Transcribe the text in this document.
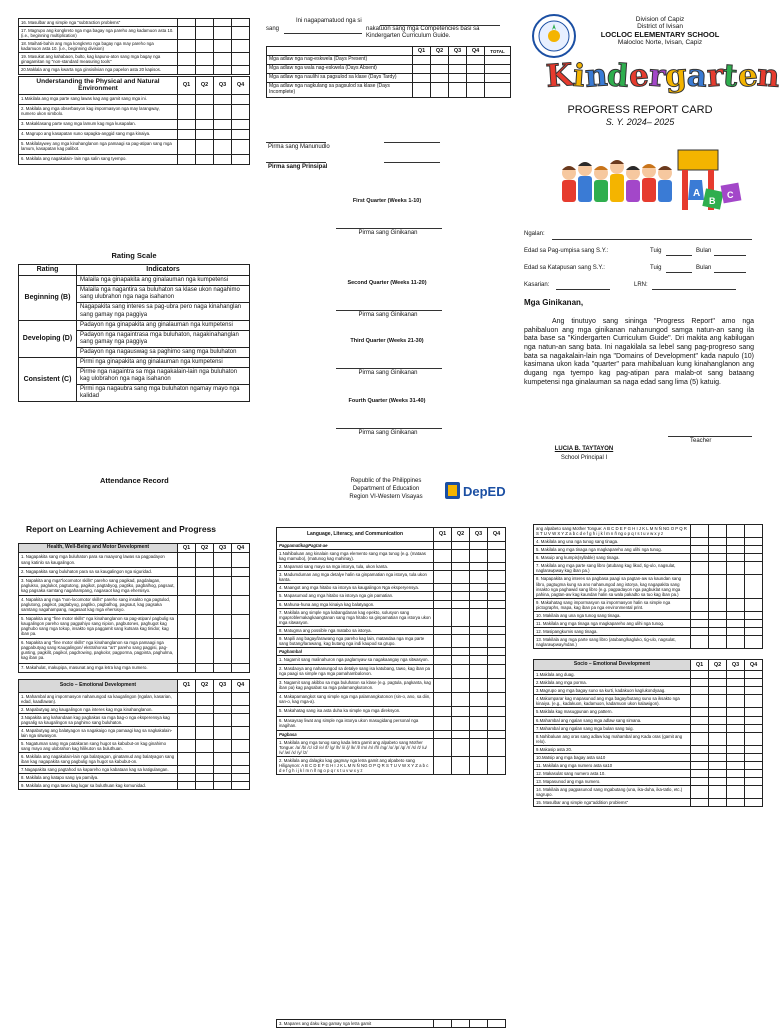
16. Masulbar ang simple nga "subtraction problems"				
17. Magrupo ang kongkreto nga mga bagay nga pareho ang kadamuon asta 10. (i.e., beginning multiplication)				
18. Maihati-bahin ang mga kongkreto nga bagay nga may pareho nga kadamuon asta 10. (i.e., beginning division)				
19. Masukat ang kahabaon, bulto, kag kapuno-aton sang mga bagay nga ginagamitan ng "non-standard measuring tools"				
20.Maklala ang mga kwarta nga ginsisilvian nga papelon asta 20 kapisos.				
Understanding the Physical and Natural Environment	Q1	Q2	Q3	Q4
1.Makilala ang mga parte sang lawas kag ang gamit sang mga ini.				
2. Makilala ang mga obserbasyon kag impormasyon nga may larangway, numero ukon simbolo.				
3. Makaklasang parte sang mga lamum kag mga kusapalan.				
4. Magrupo ang kasapatan suno sapagka-anggid sang mga kinaiya.				
5. Makilalaywey ang mga kinahanglanon nga pamaagi sa pag-atipan sang mga lamum, kasapatan kag palibot.				
6. Makilala ang nagakalain- lain nga salin sang tyempo.				
Rating Scale
Rating	Indicators
Beginning (B)	Malaila nga ginapakita ang ginalauman nga kumpetensi
	Malaila nga nagantira sa buluhaton sa klase ukon nagahimo sang ulubrahon nga naga isahanon
	Nagapakita sang interes sa pag-ubra pero naga kinahanglan sang gamay nga paggiya
Developing (D)	Padayon nga ginapakita ang ginalauman nga kumpetensi
	Padayon nga nagaintrasa mga buluhaton, nagakinahanglan sang gamay nga paggiya
	Padayon nga nagauswag sa paghimo sang mga buluhaton
Consistent (C)	Pirmi nga ginapakita ang ginalauman nga kumpetensi
	Pirme nga nagaintra sa mga nagakalain-lain nga buluhaton kag ulobrahon nga naga isahanon
	Pirmi nga nagaubra sang mga buluhaton ngamay mayo nga kalidad
Attendance Record
Ini nagapamatuod nga si
sang	nakatuon sang mga Competencies basi sa Kindergarten Curriculum Guide.
	Q1	Q2	Q3	Q4	TOTAL
Mga adlaw nga nag-eskwela (Days Present)					
Mga adlaw nga wala nag-eskwela (Days Absent)					
Mga adlaw nga naulihi sa pagsulod sa klase (Days Tardy)					
Mga adlaw nga nagkulang sa pagsulod sa klase (Days Incomplete)					
Pirma sang Manunudlo
Pirma sang Prinsipal
First Quarter (Weeks 1-10)
Pirma sang Ginikanan
Second Quarter (Weeks 11-20)
Pirma sang Ginikanan
Third Quarter (Weeks 21-30)
Pirma sang Ginikanan
Fourth Quarter (Weeks 31-40)
Pirma sang Ginikanan
Republic of the Philippines
Department of Education
Region VI-Western Visayas	DepED
Division of Capiz
District of Ivisan
LOCLOC ELEMENTARY SCHOOL
Malocloc Norte, Ivisan, Capiz
Kindergarten
PROGRESS REPORT CARD
S. Y. 2024– 2025
A
B
C
Ngalan:
Edad sa Pag-umpisa sang S.Y.:	Tuig	Bulan
Edad sa Katapusan sang S.Y.:	Tuig	Bulan
Kasarian:	LRN:
Mga Ginikanan,
Ang tinutuyo sang sininga "Progress Report" amo nga pahibaluon ang mga ginikanan nahanungod samga natun-an sang ila bata base sa "Kindergarten Curriculum Guide". Dri makita ang kabilugan nga natun-an sang bata. Ini nagakilala sa lebel sang pag-progreso sang bata sa nagakalain-lain nga "Domains of Development" kada napulo (10) kasimana ukon kada "quarter" para mahibaluan kung kinahanglanon ang dugang nga tyempo kag pag-atipan para malab-ot sang bataang kumpetensi nga ginalauman sa naga edad sang lima (5) katuig.
Teacher
LUCIA B. TAYTAYON
School Principal I
Report on Learning Achievement and Progress
Health, Well-Being and Motor Development	Q1	Q2	Q3	Q4
1. Nagapakita sang mga buluhaton para sa maayong lawas sa pagpadayon sang katinlo sa kaugalingon.				
2. Nagapakita sang buluhaton para sa sa kaugalingon nga siguridad.				
3. Napakita ang mga"locomotor skills" pareho sang pagikad, pagdalagan, paglukso, paglukot, pagtutong, pagikot, pagtabyog, pagtiko, pagbalhog, pagsaut, kag pagsaka samtang nagahampang, nagasaot kag mga ehersisyo.				
4. Napakita ang mga "non-locomotor skills" pareho sang insakto nga pagtulod, paglutong, pagikot, pagtabyog, pagtiko, pagbalhog, pagsaut, kag pagsaka samtang nagahampang, nagasaot kag mga ehersisyo.				
5. Napakita ang "fine motor skills" nga kinahanglanon sa pag-atipan/ pagbulig sa kaugalingon pareho sang pagpahiyo sang nipion, pagbutones, paghugot kag paghubo sang mga tokop, insakto nga paggamit sang kutsara kag tinidor, kag iban pa.				
6. Napakita ang "fine motor skills" nga kinahanglanon sa mga pamaagi nga pagpabutyag sang Kaugalingon/ ekstrahonsa "art" pareho sang paggisi, pag-gunting, pagkilit, pagikol, pagdrowing, pagkolor, pagporma, pagpinta, paghulma, kag iban pa.				
7. Makahulat, makupipa, masunat ang mga letra kag mga numero.				
Socio – Emotional Development	Q1	Q2	Q3	Q4
1. Mahambal ang impormasyon nahanungod sa kaugalingon (ngalan, kasarian, edad, kaadlawan).				
2. Mapabutyag ang kaugalingon nga interes kag mga kinahanglanon.				
3.Napakita ang kahandaan kag pagbakas sa mga bag-o nga eksperensya kag pagsalig sa kaugalingon sa paghimo sang buluhaton.				
4. Mapabutyag ang balatyagon sa nagakaigo nga pamaagi kag sa nagkakalain-lain nga sitwasyon.				
5. Nagatuman sang mga patakaran sang hugot sa kabubut-on kag ginahimo sang mayo ang ulobrahon kag hilikuton sa buluthuan.				
6. Makilala ang nagakalain-lain nga balatyagon, ginatamud ang balatyagon sang iban kag nagapakita sang pagbulig nga hugot sa kabubut-on.				
7.Nagapakita sang pagtahod sa kapareho nga kabataan kag sa katigulangan.				
8. Makilala ang katapo sang iya pamilya.				
9. Makilala ang mga tawo kag lugar sa buluthuan kag komunidad.				
Language, Literacy, and Communication	Q1	Q2	Q3	Q4
PagpamatikagPagtat-ae				
1.Nahibaluan ang kinalain sang mga elemento sang mga tunog (e.g. (mataas kag mamubo), (matunog kag mahinay).				
2. Mapamati sang mayo sa mga istorya, tula, ukon kanta.				
3. Madumduman ang mga detalye halin sa ginpamatian nga istorya, tula ukon kanta.				
4. Maangot ang mga hitabo sa istorya sa kaugalingon Nga eksperyensya.				
5. Mapasumod ang mga hitabo sa istorya nga gin pamatian.				
6. Mahuna-huna ang mga kinaiya kag balatyagon.				
7. Makilala ang simple nga kabangdanan kag epekto, solusyon sang mgaproblemakagkaangtanan sang mga hitabo sa ginpamatian nga istorya ukon mga sitwasyon.				
8. Matugma ang possible nga matabo sa istorya.				
9. Mapili ang bagay/larawang nga pareho kag lain, matandaa nga mga parte sang butang/larawang, kag butang nga indi kaupod sa grupo.				
Paghambal				
1. Nagamit sang malinahuron nga paglamyaw sa nagakaangay nga sitwasyon.				
2. Masdaoya ang nahanungod sa detalye sang isa katubang, tawo, kag iban pa nga paagi sa simple nga mga pamahambalonon.				
3. Nagamit sang akibbo sa mga buluhaton sa klase (e.g. pagtula, pagkanta, kag iban pa) kag pagsabat sa mga palamangkutonon.				
4. Makapamangkot sang simple nga mga palamangkutonon (sin-o, ano, sa diin, san-o, kag mga-a).				
5. Makahatag sang isa asta duha ka simple nga mga direksyon.				
6. Masaysay liwat ang simple nga istorya ukon masugidang personal nga inagihan.				
Pagbasa				
1. Makilala ang mga tunog sang kada letra gamit ang alpabeto sang Mother Tongue: /a/ /b/ /c/ /d/ /e/ /f/ /g/ /h/ /i/ /j/ /k/ /l/ /m/ /n/ /ñ/ /ng/ /o/ /p/ /q/ /r/ /s/ /t/ /u/ /v/ /w/ /x/ /y/ /z/				
2. Makilala ang dalagko kag gagmay nga letra gamit ang alpabeto sang Hiligaynon: A B C D E F G H I J K L M N Ñ NG O P Q R S T U V W X Y Z a b c d e f g h i j k l m n ñ ng o p q r s t u v w x y z				
3. Mapares ang daku kag gamay nga letra gamit				
ang alpabeto sang Mother Tongue: A B C D E F G H I J K L M N Ñ NG O P Q R S T U V W X Y Z a b c d e f g h i j k l m n ñ ng o p q r s t u v w x y z				
4. Makilala ang una nga tunog sang tinaga.				
5. Makilala ang mga tinaga nga magkapareho ang ulihi nga tunog.				
6. Masuip ang kumpis(syllable) sang tinaga.				
7. Makilala ang mga parte sang libro (atubang kag likod, tig-ulo, nagsulat, naglarawpway kag iban pa.)				
8. Napapakita ang interes sa pagbasa paagi sa pagtan-aw sa kaundan sang libro, pagtugma kung sa ano nahanungod ang istorya, kag nagapakita sang insakto nga paghawid sang libro (e.g. pagpadayon nga pagbuklat sang mga pahina, pagtan-aw kag kaundan halin sa wala pakadto sa tuo kag iban pa.)				
9. Makahatag sang impormasyon sa impormasyon halin sa simple nga pictographs, mapa, kag iban pa nga environmental print.				
10. Makilala ang una nga tunog sang tinaga.				
11. Makilala ang mga tinaga nga magkapareho ang ulihi nga tunog.				
12. Masipangkumis sang tinaga.				
13. Makilala ang mga parte sang libro (atubang/kagluko, tig-ulo, nagsulat, naglarawpway/ndan.)				
Socio – Emotional Development	Q1	Q2	Q3	Q4
1.Maklala ang duag.				
2.Maklala ang mga porma.				
3.Magrupo ang mga bagay suno sa kurti, kadakuon kag/ukondyaag.				
4.Makumparar kag mapasunod ang mga bagay/butang suno sa iksakto nga kinaiya. (e.g., kadakuon, kadamuon, kadamuon ukon kalawigon).				
5.Maklala kag masugpunan ang pattern.				
6.Mahambal ang ngalan sang mga adlaw sang simana.				
7.Mahambal ang ngalan sang mga bulan sang tuig.				
8.Nahibaluan ang oras sang adlaw kag mahambal ang Kada oras (gamit ang relo).				
9.Makasip asta 20.				
10.Matsip ang mga bagay asta sa10				
11. Makilala ang mga numero asta sa10				
12. Makasulat sang numero asta 10.				
13. Mapasunod ang mga numero.				
14. Makilala ang pagpasunod sang mgabutang (una, ika-duha, ika-tatlo, etc.) sagrupo.				
15. Masulbar ang simple nga"addition problems"				
